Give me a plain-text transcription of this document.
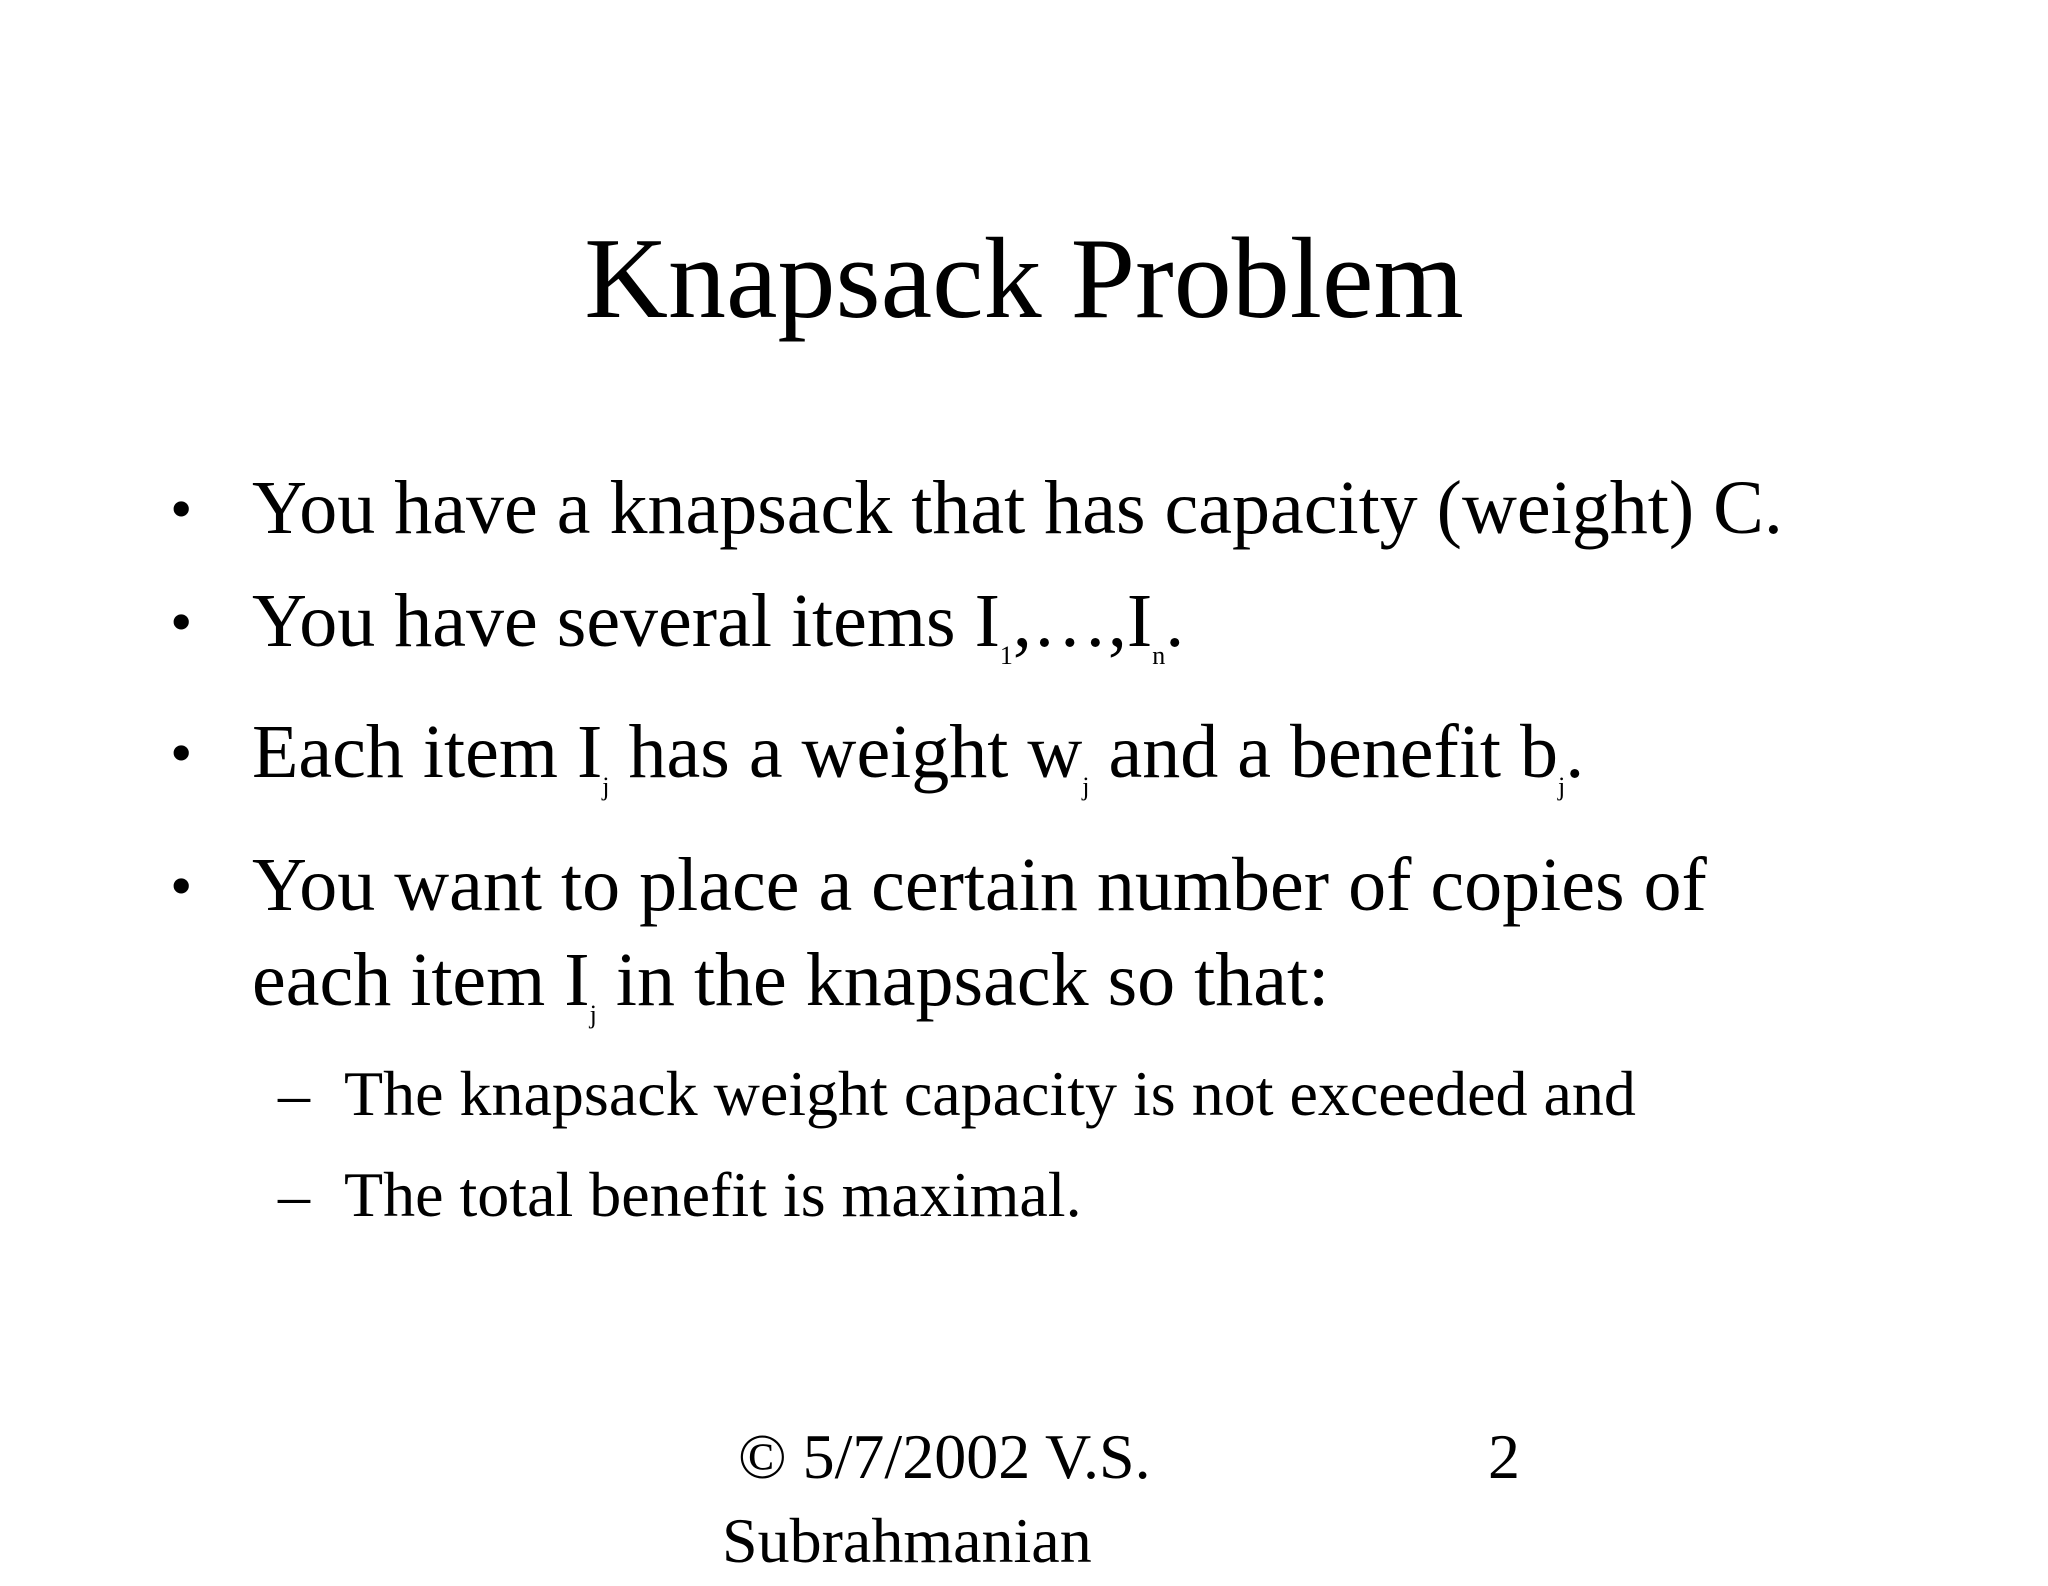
Knapsack Problem
• You have a knapsack that has capacity (weight) C.
• You have several items $I_1,\dots,I_n$.
• Each item $I_j$ has a weight $w_j$ and a benefit $b_j$.
• You want to place a certain number of copies of
each item $I_j$ in the knapsack so that:
– The knapsack weight capacity is not exceeded and
– The total benefit is maximal.
© 5/7/2002 V.S.
Subrahmanian
2
